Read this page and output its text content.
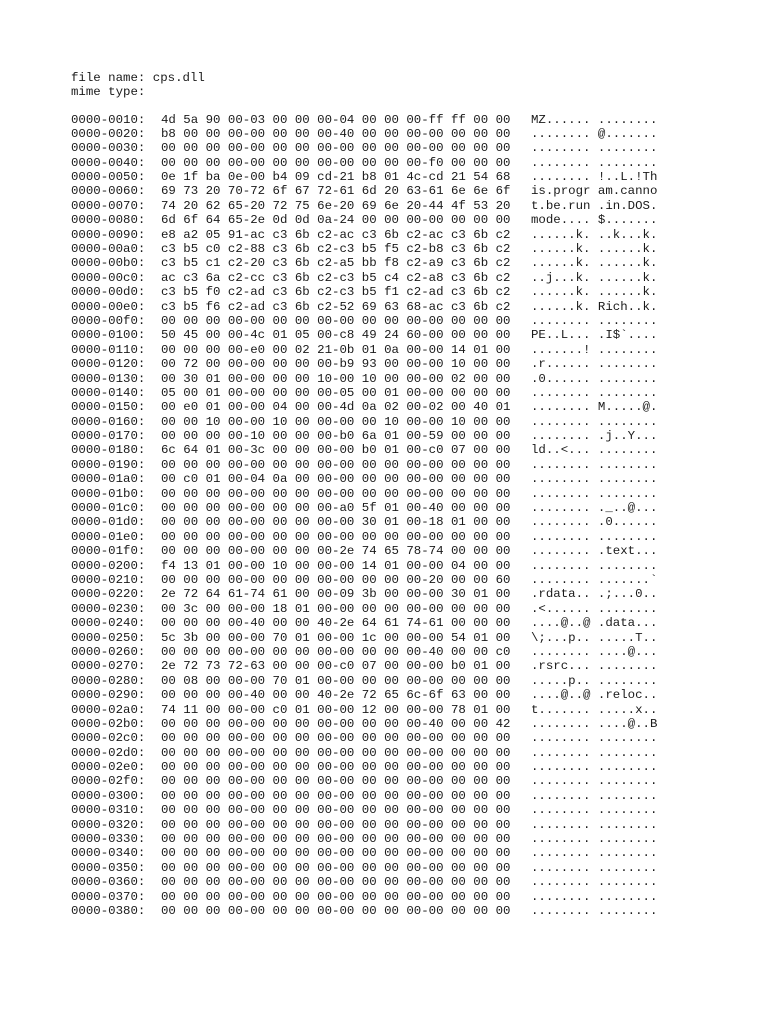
file name: cps.dll
mime type:
0000-0010:	4d 5a 90 00-03 00 00 00-04 00 00 00-ff ff 00 00	MZ...... ........
0000-0020:	b8 00 00 00-00 00 00 00-40 00 00 00-00 00 00 00	........ @.......
0000-0030:	00 00 00 00-00 00 00 00-00 00 00 00-00 00 00 00	........ ........
0000-0040:	00 00 00 00-00 00 00 00-00 00 00 00-f0 00 00 00	........ ........
0000-0050:	0e 1f ba 0e-00 b4 09 cd-21 b8 01 4c-cd 21 54 68	........ !..L.!Th
0000-0060:	69 73 20 70-72 6f 67 72-61 6d 20 63-61 6e 6e 6f	is.progr am.canno
0000-0070:	74 20 62 65-20 72 75 6e-20 69 6e 20-44 4f 53 20	t.be.run .in.DOS.
0000-0080:	6d 6f 64 65-2e 0d 0d 0a-24 00 00 00-00 00 00 00	mode.... $.......
0000-0090:	e8 a2 05 91-ac c3 6b c2-ac c3 6b c2-ac c3 6b c2	......k. ..k...k.
0000-00a0:	c3 b5 c0 c2-88 c3 6b c2-c3 b5 f5 c2-b8 c3 6b c2	......k. ......k.
0000-00b0:	c3 b5 c1 c2-20 c3 6b c2-a5 bb f8 c2-a9 c3 6b c2	......k. ......k.
0000-00c0:	ac c3 6a c2-cc c3 6b c2-c3 b5 c4 c2-a8 c3 6b c2	..j...k. ......k.
0000-00d0:	c3 b5 f0 c2-ad c3 6b c2-c3 b5 f1 c2-ad c3 6b c2	......k. ......k.
0000-00e0:	c3 b5 f6 c2-ad c3 6b c2-52 69 63 68-ac c3 6b c2	......k. Rich..k.
0000-00f0:	00 00 00 00-00 00 00 00-00 00 00 00-00 00 00 00	........ ........
0000-0100:	50 45 00 00-4c 01 05 00-c8 49 24 60-00 00 00 00	PE..L... .I$`....
0000-0110:	00 00 00 00-e0 00 02 21-0b 01 0a 00-00 14 01 00	.......! ........
0000-0120:	00 72 00 00-00 00 00 00-b9 93 00 00-00 10 00 00	.r...... ........
0000-0130:	00 30 01 00-00 00 00 10-00 10 00 00-00 02 00 00	.0...... ........
0000-0140:	05 00 01 00-00 00 00 00-05 00 01 00-00 00 00 00	........ ........
0000-0150:	00 e0 01 00-00 04 00 00-4d 0a 02 00-02 00 40 01	........ M.....@.
0000-0160:	00 00 10 00-00 10 00 00-00 00 10 00-00 10 00 00	........ ........
0000-0170:	00 00 00 00-10 00 00 00-b0 6a 01 00-59 00 00 00	........ .j..Y...
0000-0180:	6c 64 01 00-3c 00 00 00-00 b0 01 00-c0 07 00 00	ld..<... ........
0000-0190:	00 00 00 00-00 00 00 00-00 00 00 00-00 00 00 00	........ ........
0000-01a0:	00 c0 01 00-04 0a 00 00-00 00 00 00-00 00 00 00	........ ........
0000-01b0:	00 00 00 00-00 00 00 00-00 00 00 00-00 00 00 00	........ ........
0000-01c0:	00 00 00 00-00 00 00 00-a0 5f 01 00-40 00 00 00	........ ._..@...
0000-01d0:	00 00 00 00-00 00 00 00-00 30 01 00-18 01 00 00	........ .0......
0000-01e0:	00 00 00 00-00 00 00 00-00 00 00 00-00 00 00 00	........ ........
0000-01f0:	00 00 00 00-00 00 00 00-2e 74 65 78-74 00 00 00	........ .text...
0000-0200:	f4 13 01 00-00 10 00 00-00 14 01 00-00 04 00 00	........ ........
0000-0210:	00 00 00 00-00 00 00 00-00 00 00 00-20 00 00 60	........ .......`
0000-0220:	2e 72 64 61-74 61 00 00-09 3b 00 00-00 30 01 00	.rdata.. .;...0..
0000-0230:	00 3c 00 00-00 18 01 00-00 00 00 00-00 00 00 00	.<...... ........
0000-0240:	00 00 00 00-40 00 00 40-2e 64 61 74-61 00 00 00	....@..@ .data...
0000-0250:	5c 3b 00 00-00 70 01 00-00 1c 00 00-00 54 01 00	\;...p.. .....T..
0000-0260:	00 00 00 00-00 00 00 00-00 00 00 00-40 00 00 c0	........ ....@...
0000-0270:	2e 72 73 72-63 00 00 00-c0 07 00 00-00 b0 01 00	.rsrc... ........
0000-0280:	00 08 00 00-00 70 01 00-00 00 00 00-00 00 00 00	.....p.. ........
0000-0290:	00 00 00 00-40 00 00 40-2e 72 65 6c-6f 63 00 00	....@..@ .reloc..
0000-02a0:	74 11 00 00-00 c0 01 00-00 12 00 00-00 78 01 00	t....... .....x..
0000-02b0:	00 00 00 00-00 00 00 00-00 00 00 00-40 00 00 42	........ ....@..B
0000-02c0:	00 00 00 00-00 00 00 00-00 00 00 00-00 00 00 00	........ ........
0000-02d0:	00 00 00 00-00 00 00 00-00 00 00 00-00 00 00 00	........ ........
0000-02e0:	00 00 00 00-00 00 00 00-00 00 00 00-00 00 00 00	........ ........
0000-02f0:	00 00 00 00-00 00 00 00-00 00 00 00-00 00 00 00	........ ........
0000-0300:	00 00 00 00-00 00 00 00-00 00 00 00-00 00 00 00	........ ........
0000-0310:	00 00 00 00-00 00 00 00-00 00 00 00-00 00 00 00	........ ........
0000-0320:	00 00 00 00-00 00 00 00-00 00 00 00-00 00 00 00	........ ........
0000-0330:	00 00 00 00-00 00 00 00-00 00 00 00-00 00 00 00	........ ........
0000-0340:	00 00 00 00-00 00 00 00-00 00 00 00-00 00 00 00	........ ........
0000-0350:	00 00 00 00-00 00 00 00-00 00 00 00-00 00 00 00	........ ........
0000-0360:	00 00 00 00-00 00 00 00-00 00 00 00-00 00 00 00	........ ........
0000-0370:	00 00 00 00-00 00 00 00-00 00 00 00-00 00 00 00	........ ........
0000-0380:	00 00 00 00-00 00 00 00-00 00 00 00-00 00 00 00	........ ........
